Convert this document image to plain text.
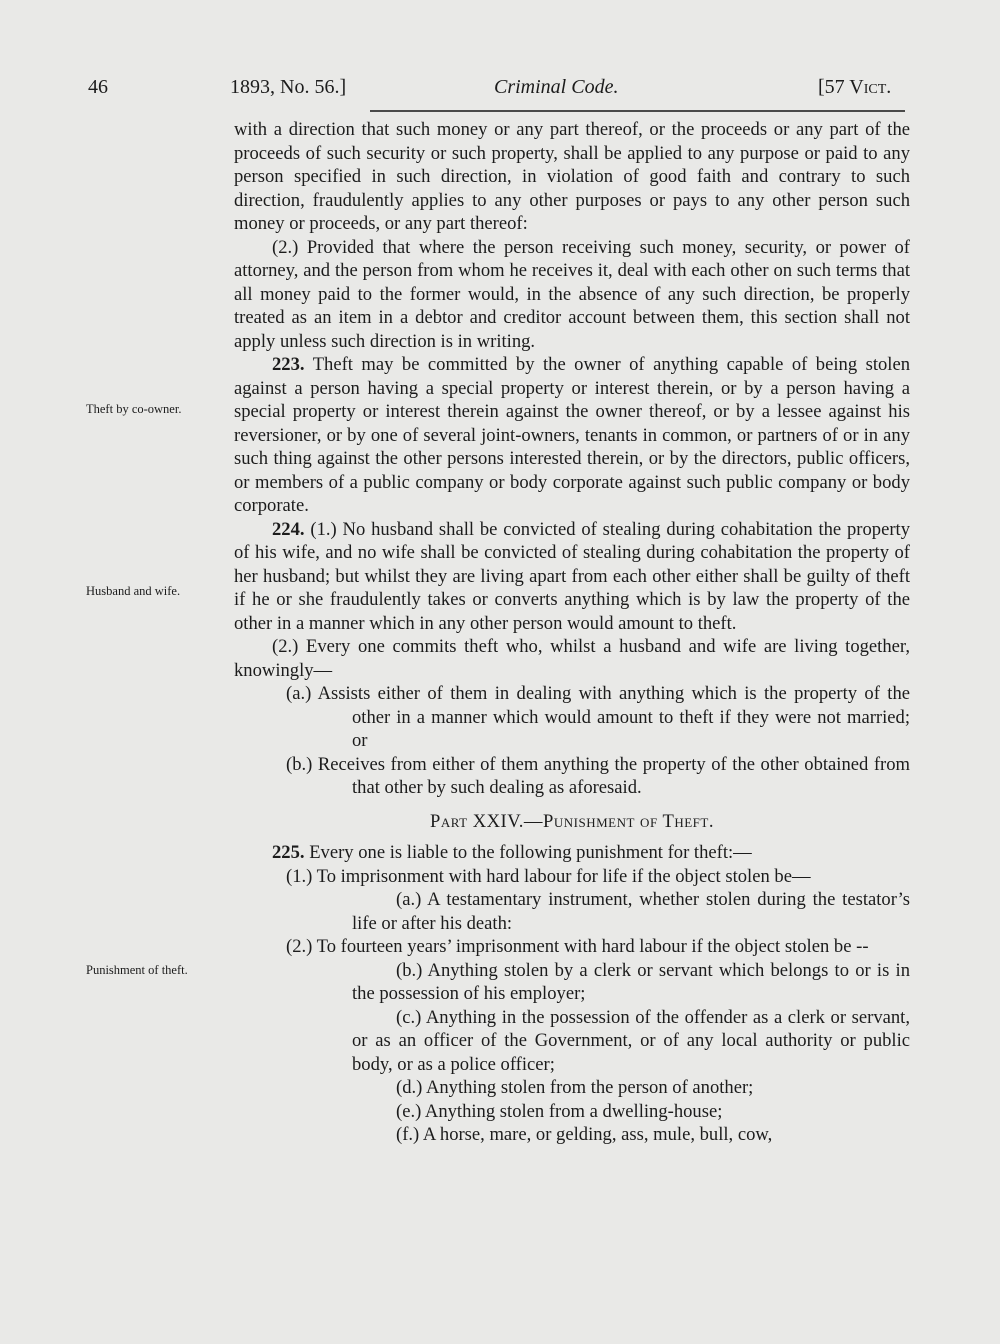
46	1893, No. 56.]	Criminal Code.	[57 Vict.
Theft by co-owner.
Husband and wife.
Punishment of theft.

with a direction that such money or any part thereof, or the proceeds or any part of the proceeds of such security or such property, shall be applied to any purpose or paid to any person specified in such direction, in violation of good faith and contrary to such direction, fraudulently applies to any other purposes or pays to any other person such money or proceeds, or any part thereof:

(2.) Provided that where the person receiving such money, security, or power of attorney, and the person from whom he receives it, deal with each other on such terms that all money paid to the former would, in the absence of any such direction, be properly treated as an item in a debtor and creditor account between them, this section shall not apply unless such direction is in writing.

223. Theft may be committed by the owner of anything capable of being stolen against a person having a special property or interest therein, or by a person having a special property or interest therein against the owner thereof, or by a lessee against his reversioner, or by one of several joint-owners, tenants in common, or partners of or in any such thing against the other persons interested therein, or by the directors, public officers, or members of a public company or body corporate against such public company or body corporate.

224. (1.) No husband shall be convicted of stealing during cohabitation the property of his wife, and no wife shall be convicted of stealing during cohabitation the property of her husband; but whilst they are living apart from each other either shall be guilty of theft if he or she fraudulently takes or converts anything which is by law the property of the other in a manner which in any other person would amount to theft.

(2.) Every one commits theft who, whilst a husband and wife are living together, knowingly—

(a.) Assists either of them in dealing with anything which is the property of the other in a manner which would amount to theft if they were not married; or

(b.) Receives from either of them anything the property of the other obtained from that other by such dealing as aforesaid.

Part XXIV.—Punishment of Theft.

225. Every one is liable to the following punishment for theft:—

(1.) To imprisonment with hard labour for life if the object stolen be—

(a.) A testamentary instrument, whether stolen during the testator’s life or after his death:

(2.) To fourteen years’ imprisonment with hard labour if the object stolen be --

(b.) Anything stolen by a clerk or servant which belongs to or is in the possession of his employer;

(c.) Anything in the possession of the offender as a clerk or servant, or as an officer of the Government, or of any local authority or public body, or as a police officer;

(d.) Anything stolen from the person of another;

(e.) Anything stolen from a dwelling-house;

(f.) A horse, mare, or gelding, ass, mule, bull, cow,
